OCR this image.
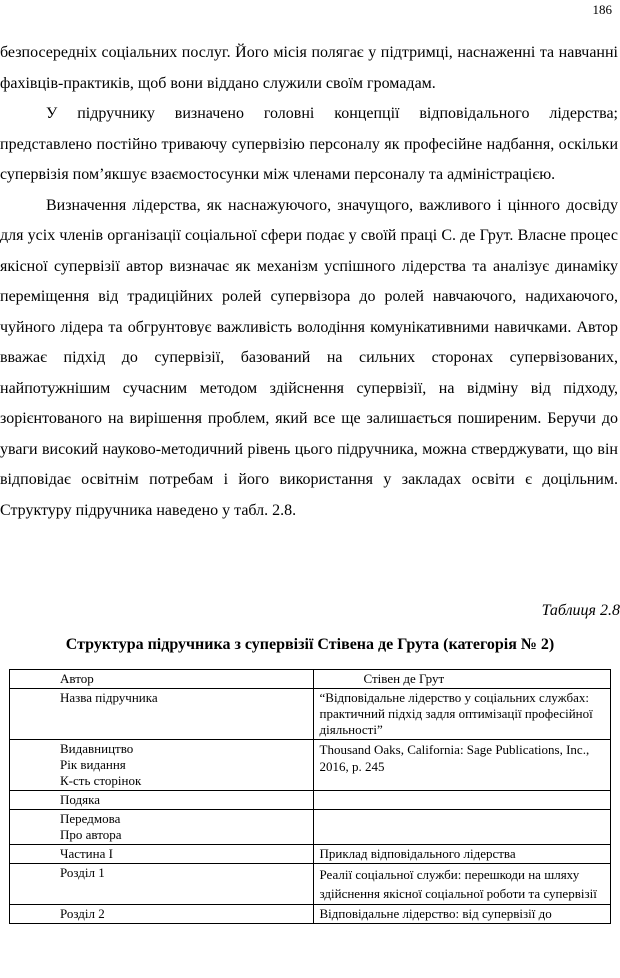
186

безпосередніх соціальних послуг. Його місія полягає у підтримці, наснаженні та навчанні фахівців-практиків, щоб вони віддано служили своїм громадам.

У підручнику визначено головні концепції відповідального лідерства; представлено постійно триваючу супервізію персоналу як професійне надбання, оскільки супервізія пом’якшує взаємостосунки між членами персоналу та адміністрацією.

Визначення лідерства, як наснажуючого, значущого, важливого і цінного досвіду для усіх членів організації соціальної сфери подає у своїй праці С. де Грут. Власне процес якісної супервізії автор визначає як механізм успішного лідерства та аналізує динаміку переміщення від традиційних ролей супервізора до ролей навчаючого, надихаючого, чуйного лідера та обгрунтовує важливість володіння комунікативними навичками. Автор вважає підхід до супервізії, базований на сильних сторонах супервізованих, найпотужнішим сучасним методом здійснення супервізії, на відміну від підходу, зорієнтованого на вирішення проблем, який все ще залишається поширеним. Беручи до уваги високий науково-методичний рівень цього підручника, можна стверджувати, що він відповідає освітнім потребам і його використання у закладах освіти є доцільним. Структуру підручника наведено у табл. 2.8.

Таблиця 2.8
Структура підручника з супервізії Стівена де Грута (категорія № 2)
Автор	Стівен де Грут

Назва підручника	“Відповідальне лідерство у соціальних службах: практичний підхід задля оптимізації професійної діяльності”

Видавництво
Рік видання
К-сть сторінок	Thousand Oaks, California: Sage Publications, Inc., 2016, р. 245

Подяка	

Передмова
Про автора	

Частина І	Приклад відповідального лідерства

Розділ 1	Реалії соціальної служби: перешкоди на шляху здійснення якісної соціальної роботи та супервізії

Розділ 2	Відповідальне лідерство: від супервізії до
